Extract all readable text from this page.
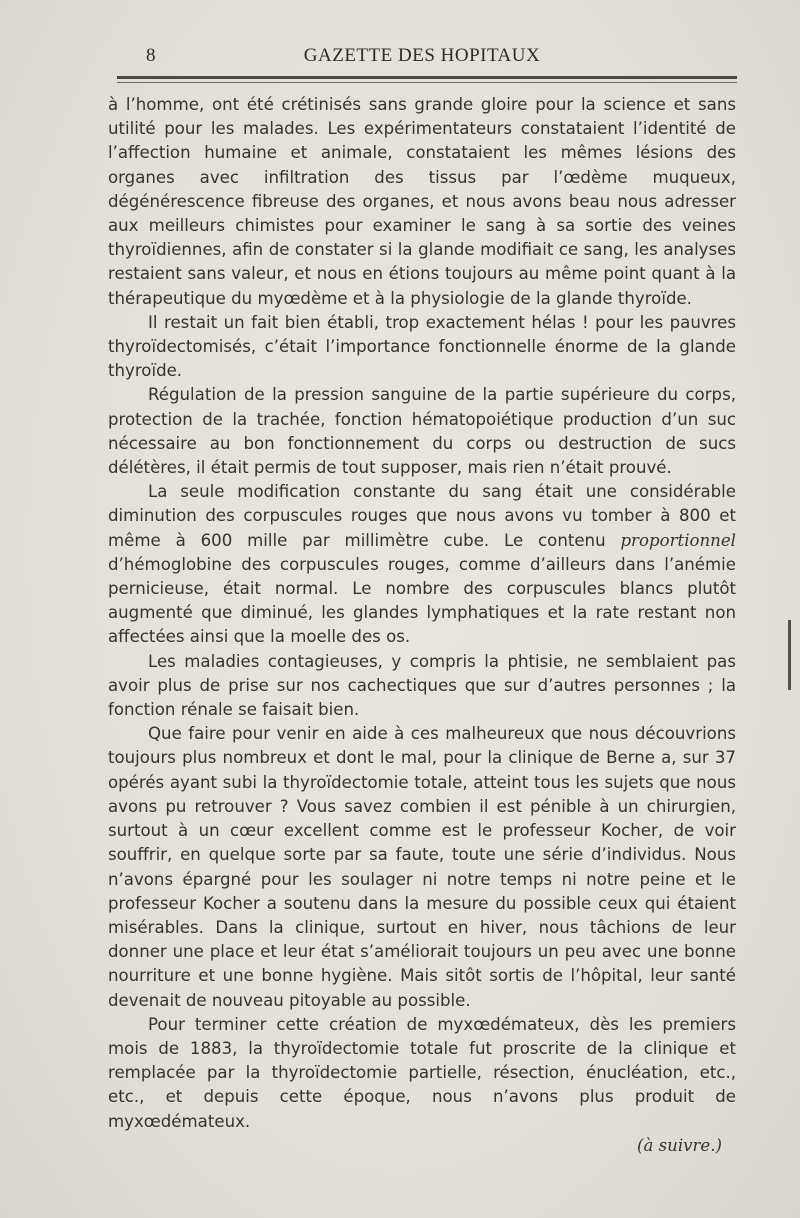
8	GAZETTE DES HOPITAUX

à l’homme, ont été crétinisés sans grande gloire pour la science et sans utilité pour les malades. Les expérimentateurs constataient l’identité de l’affection humaine et animale, constataient les mêmes lésions des organes avec infiltration des tissus par l’œdème muqueux, dégénérescence fibreuse des organes, et nous avons beau nous adresser aux meilleurs chimistes pour examiner le sang à sa sortie des veines thyroïdiennes, afin de constater si la glande modifiait ce sang, les analyses restaient sans valeur, et nous en étions toujours au même point quant à la thérapeutique du myœdème et à la physiologie de la glande thyroïde.

Il restait un fait bien établi, trop exactement hélas ! pour les pauvres thyroïdectomisés, c’était l’importance fonctionnelle énorme de la glande thyroïde.

Régulation de la pression sanguine de la partie supérieure du corps, protection de la trachée, fonction hématopoiétique production d’un suc nécessaire au bon fonctionnement du corps ou destruction de sucs délétères, il était permis de tout supposer, mais rien n’était prouvé.

La seule modification constante du sang était une considérable diminution des corpuscules rouges que nous avons vu tomber à 800 et même à 600 mille par millimètre cube. Le contenu proportionnel d’hémoglobine des corpuscules rouges, comme d’ailleurs dans l’anémie pernicieuse, était normal. Le nombre des corpuscules blancs plutôt augmenté que diminué, les glandes lymphatiques et la rate restant non affectées ainsi que la moelle des os.

Les maladies contagieuses, y compris la phtisie, ne semblaient pas avoir plus de prise sur nos cachectiques que sur d’autres personnes ; la fonction rénale se faisait bien.

Que faire pour venir en aide à ces malheureux que nous découvrions toujours plus nombreux et dont le mal, pour la clinique de Berne a, sur 37 opérés ayant subi la thyroïdectomie totale, atteint tous les sujets que nous avons pu retrouver ? Vous savez combien il est pénible à un chirurgien, surtout à un cœur excellent comme est le professeur Kocher, de voir souffrir, en quelque sorte par sa faute, toute une série d’individus. Nous n’avons épargné pour les soulager ni notre temps ni notre peine et le professeur Kocher a soutenu dans la mesure du possible ceux qui étaient misérables. Dans la clinique, surtout en hiver, nous tâchions de leur donner une place et leur état s’améliorait toujours un peu avec une bonne nourriture et une bonne hygiène. Mais sitôt sortis de l’hôpital, leur santé devenait de nouveau pitoyable au possible.

Pour terminer cette création de myxœdémateux, dès les premiers mois de 1883, la thyroïdectomie totale fut proscrite de la clinique et remplacée par la thyroïdectomie partielle, résection, énucléation, etc., etc., et depuis cette époque, nous n’avons plus produit de myxœdémateux.

(à suivre.)
